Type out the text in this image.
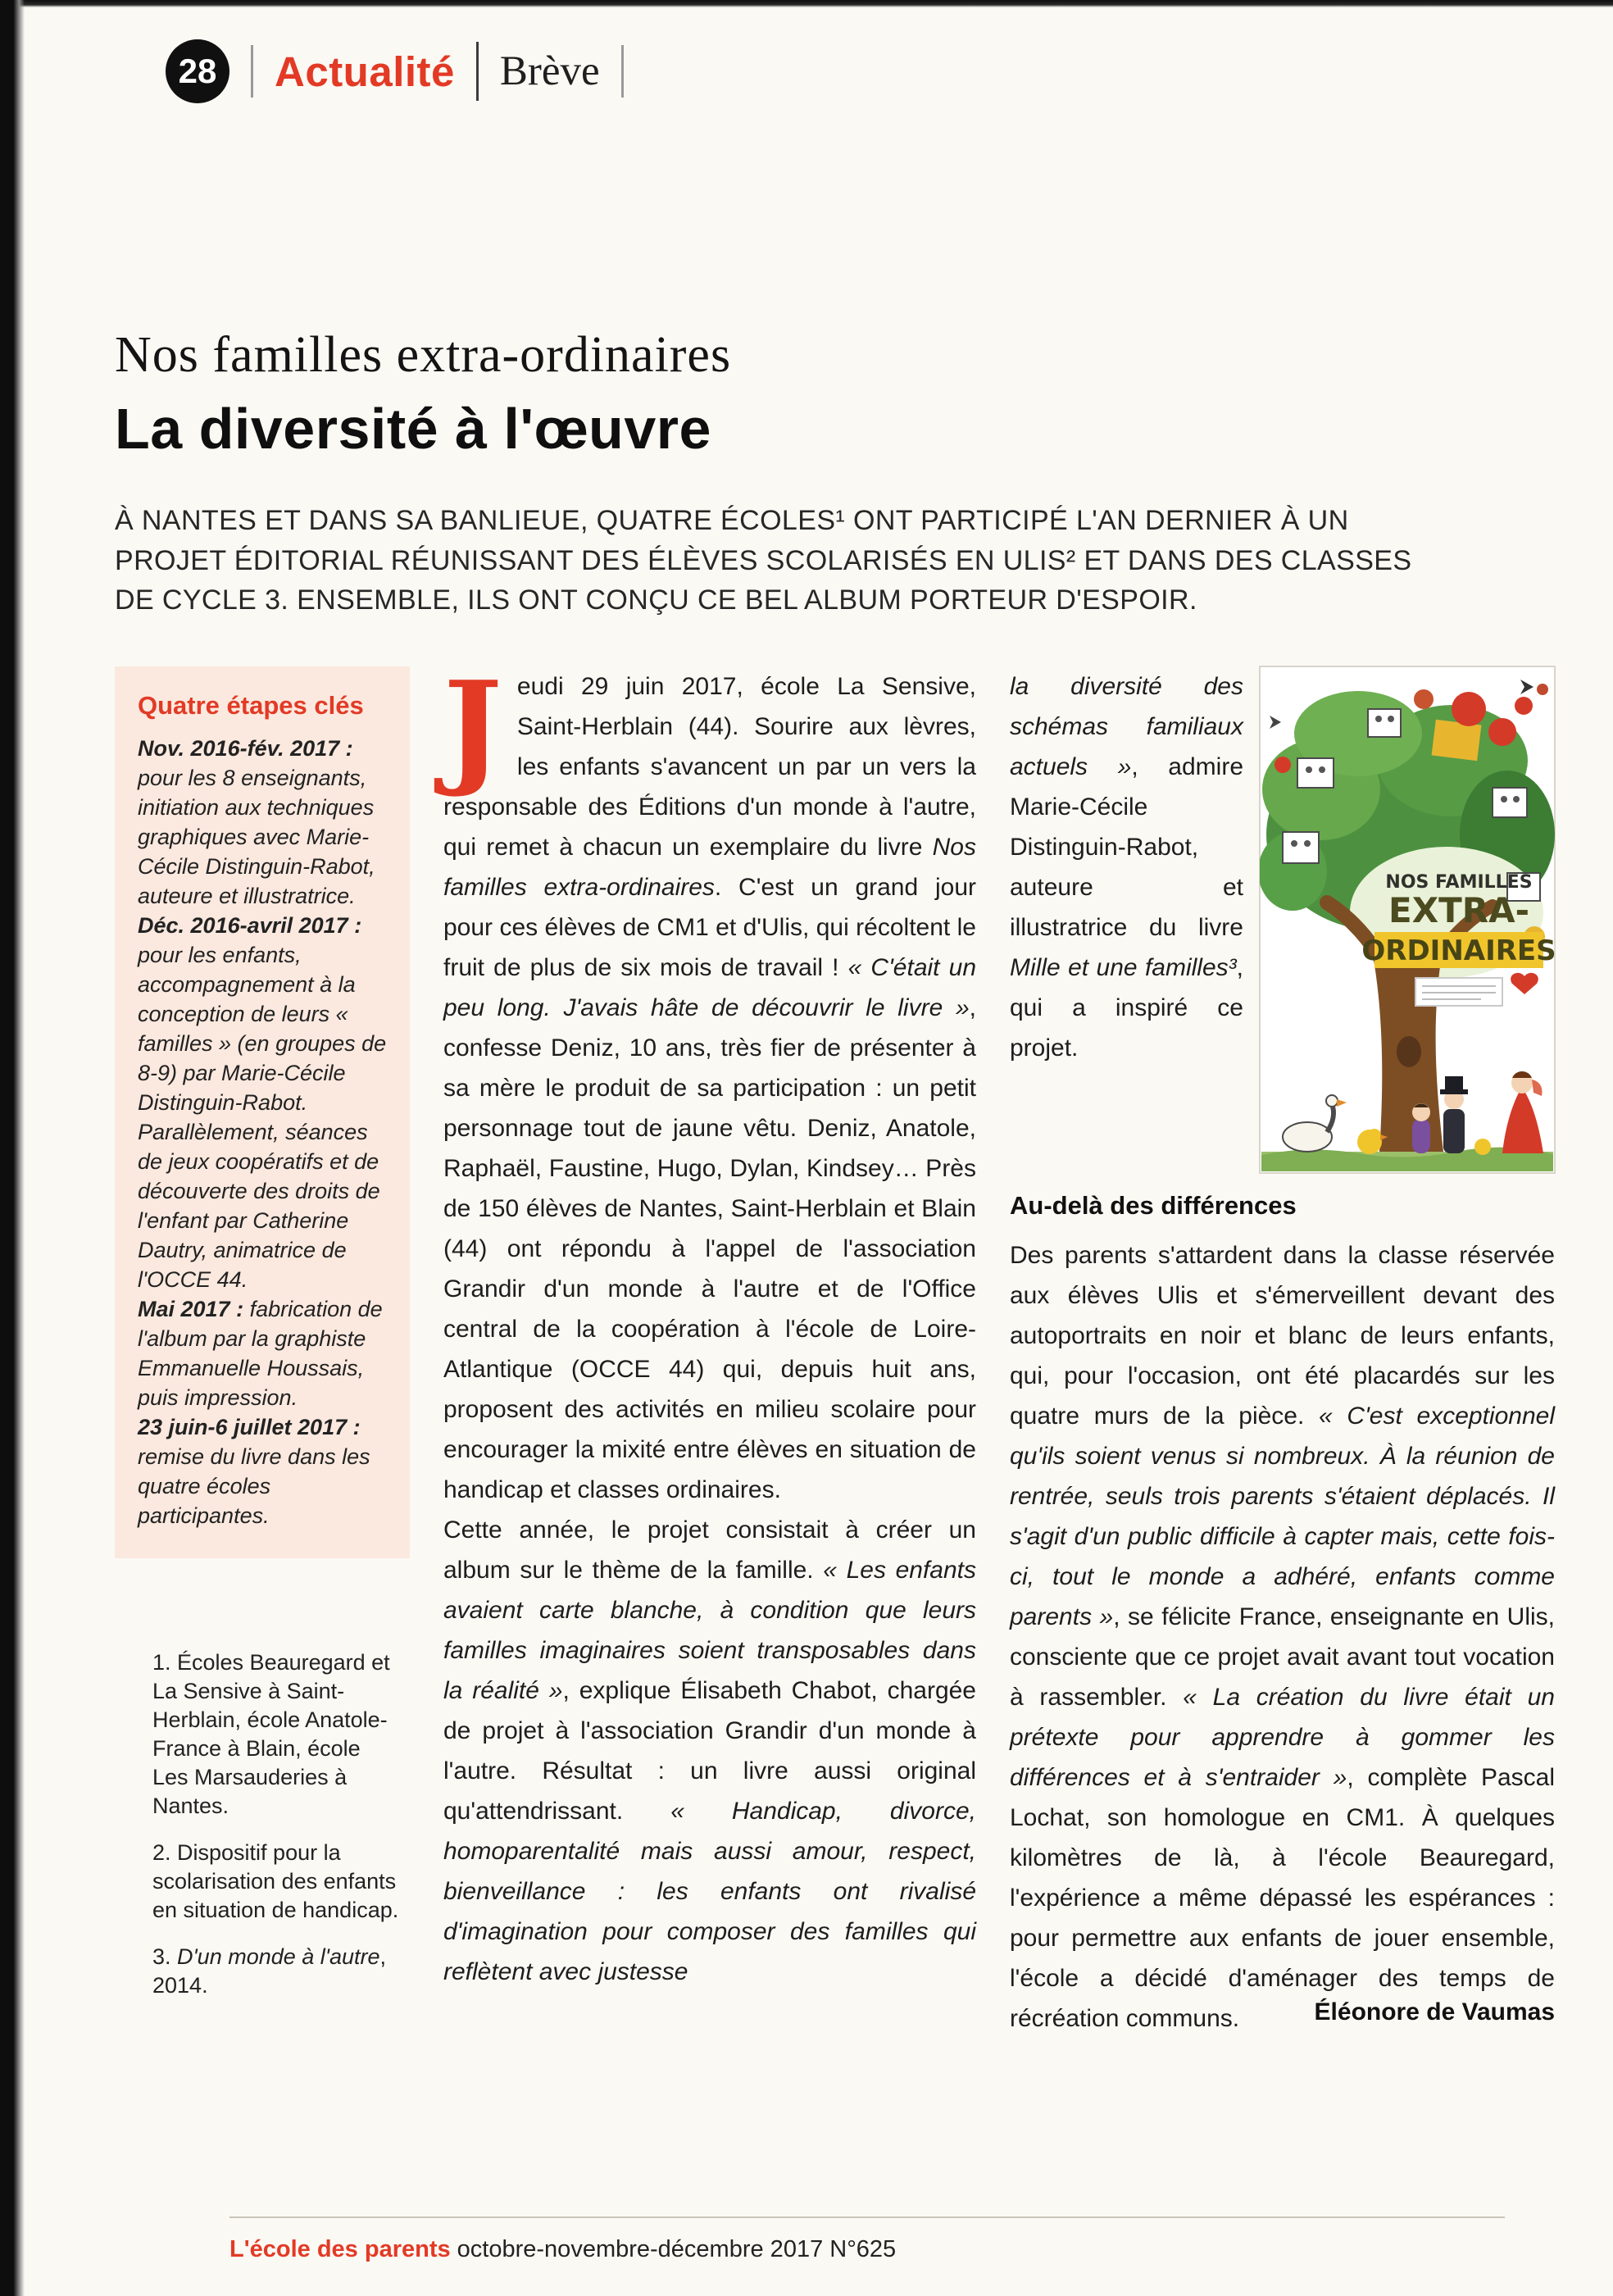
28 Actualité Brève
Nos familles extra-ordinaires
La diversité à l'œuvre

À NANTES ET DANS SA BANLIEUE, QUATRE ÉCOLES¹ ONT PARTICIPÉ L'AN DERNIER À UN PROJET ÉDITORIAL RÉUNISSANT DES ÉLÈVES SCOLARISÉS EN ULIS² ET DANS DES CLASSES DE CYCLE 3. ENSEMBLE, ILS ONT CONÇU CE BEL ALBUM PORTEUR D'ESPOIR.

Quatre étapes clés

Nov. 2016-fév. 2017 : pour les 8 enseignants, initiation aux techniques graphiques avec Marie-Cécile Distinguin-Rabot, auteure et illustratrice.

Déc. 2016-avril 2017 : pour les enfants, accompagnement à la conception de leurs « familles » (en groupes de 8-9) par Marie-Cécile Distinguin-Rabot. Parallèlement, séances de jeux coopératifs et de découverte des droits de l'enfant par Catherine Dautry, animatrice de l'OCCE 44.

Mai 2017 : fabrication de l'album par la graphiste Emmanuelle Houssais, puis impression.

23 juin-6 juillet 2017 : remise du livre dans les quatre écoles participantes.

1. Écoles Beauregard et La Sensive à Saint-Herblain, école Anatole-France à Blain, école Les Marsauderies à Nantes.

2. Dispositif pour la scolarisation des enfants en situation de handicap.

3. D'un monde à l'autre, 2014.

Jeudi 29 juin 2017, école La Sensive, Saint-Herblain (44). Sourire aux lèvres, les enfants s'avancent un par un vers la responsable des Éditions d'un monde à l'autre, qui remet à chacun un exemplaire du livre Nos familles extra-ordinaires. C'est un grand jour pour ces élèves de CM1 et d'Ulis, qui récoltent le fruit de plus de six mois de travail ! « C'était un peu long. J'avais hâte de découvrir le livre », confesse Deniz, 10 ans, très fier de présenter à sa mère le produit de sa participation : un petit personnage tout de jaune vêtu. Deniz, Anatole, Raphaël, Faustine, Hugo, Dylan, Kindsey… Près de 150 élèves de Nantes, Saint-Herblain et Blain (44) ont répondu à l'appel de l'association Grandir d'un monde à l'autre et de l'Office central de la coopération à l'école de Loire-Atlantique (OCCE 44) qui, depuis huit ans, proposent des activités en milieu scolaire pour encourager la mixité entre élèves en situation de handicap et classes ordinaires.

Cette année, le projet consistait à créer un album sur le thème de la famille. « Les enfants avaient carte blanche, à condition que leurs familles imaginaires soient transposables dans la réalité », explique Élisabeth Chabot, chargée de projet à l'association Grandir d'un monde à l'autre. Résultat : un livre aussi original qu'attendrissant. « Handicap, divorce, homoparentalité mais aussi amour, respect, bienveillance : les enfants ont rivalisé d'imagination pour composer des familles qui reflètent avec justesse

NOS FAMILLES
EXTRA-
ORDINAIRES

la diversité des schémas familiaux actuels », admire Marie-Cécile Distinguin-Rabot, auteure et illustratrice du livre Mille et une familles³, qui a inspiré ce projet.

Au-delà des différences

Des parents s'attardent dans la classe réservée aux élèves Ulis et s'émerveillent devant des autoportraits en noir et blanc de leurs enfants, qui, pour l'occasion, ont été placardés sur les quatre murs de la pièce. « C'est exceptionnel qu'ils soient venus si nombreux. À la réunion de rentrée, seuls trois parents s'étaient déplacés. Il s'agit d'un public difficile à capter mais, cette fois-ci, tout le monde a adhéré, enfants comme parents », se félicite France, enseignante en Ulis, consciente que ce projet avait avant tout vocation à rassembler. « La création du livre était un prétexte pour apprendre à gommer les différences et à s'entraider », complète Pascal Lochat, son homologue en CM1. À quelques kilomètres de là, à l'école Beauregard, l'expérience a même dépassé les espérances : pour permettre aux enfants de jouer ensemble, l'école a décidé d'aménager des temps de récréation communs.	Éléonore de Vaumas
L'école des parents octobre-novembre-décembre 2017 N°625
